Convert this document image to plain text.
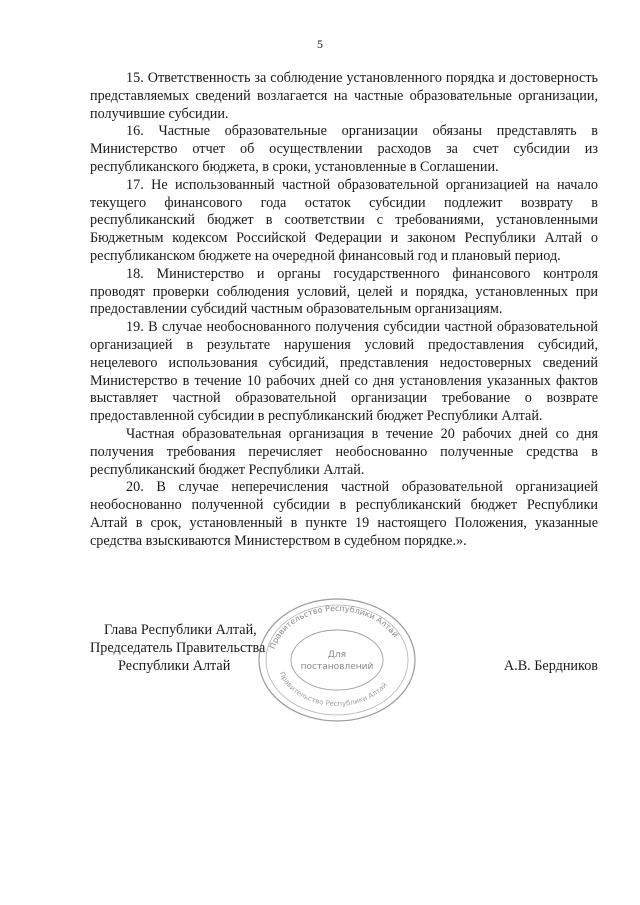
5

15. Ответственность за соблюдение установленного порядка и достоверность представляемых сведений возлагается на частные образовательные организации, получившие субсидии.

16. Частные образовательные организации обязаны представлять в Министерство отчет об осуществлении расходов за счет субсидии из республиканского бюджета, в сроки, установленные в Соглашении.

17. Не использованный частной образовательной организацией на начало текущего финансового года остаток субсидии подлежит возврату в республиканский бюджет в соответствии с требованиями, установленными Бюджетным кодексом Российской Федерации и законом Республики Алтай о республиканском бюджете на очередной финансовый год и плановый период.

18. Министерство и органы государственного финансового контроля проводят проверки соблюдения условий, целей и порядка, установленных при предоставлении субсидий частным образовательным организациям.

19. В случае необоснованного получения субсидии частной образовательной организацией в результате нарушения условий предоставления субсидий, нецелевого использования субсидий, представления недостоверных сведений Министерство в течение 10 рабочих дней со дня установления указанных фактов выставляет частной образовательной организации требование о возврате предоставленной субсидии в республиканский бюджет Республики Алтай.

Частная образовательная организация в течение 20 рабочих дней со дня получения требования перечисляет необоснованно полученные средства в республиканский бюджет Республики Алтай.

20. В случае неперечисления частной образовательной организацией необоснованно полученной субсидии в республиканский бюджет Республики Алтай в срок, установленный в пункте 19 настоящего Положения, указанные средства взыскиваются Министерством в судебном порядке.».

Правительство Республики Алтай
Правительство Республики Алтай
Для
постановлений
Глава Республики Алтай,
Председатель Правительства
Республики Алтай	А.В. Бердников
